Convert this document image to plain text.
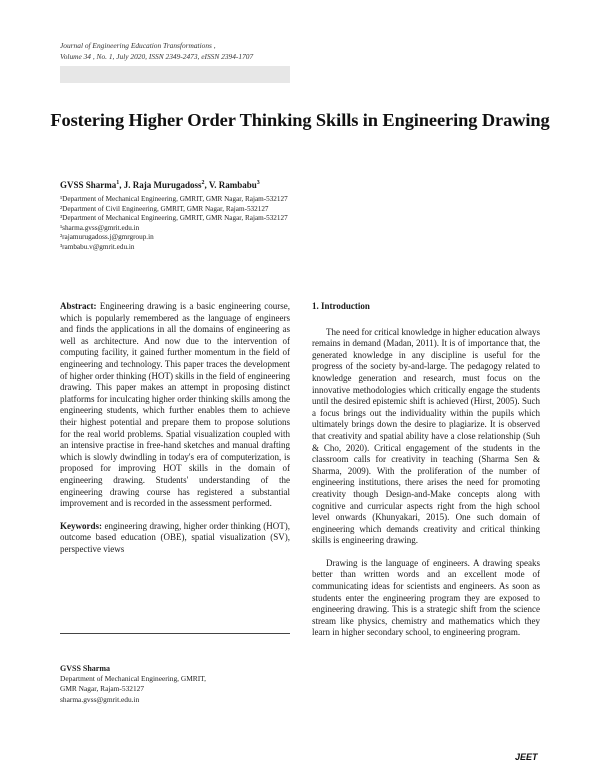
Journal of Engineering Education Transformations ,
Volume 34 , No. 1, July 2020, ISSN 2349-2473, eISSN 2394-1707
Fostering Higher Order Thinking Skills in Engineering Drawing
GVSS Sharma$^1$, J. Raja Murugadoss$^2$, V. Rambabu$^3$
¹Department of Mechanical Engineering, GMRIT, GMR Nagar, Rajam-532127
²Department of Civil Engineering, GMRIT, GMR Nagar, Rajam-532127
³Department of Mechanical Engineering, GMRIT, GMR Nagar, Rajam-532127
¹sharma.gvss@gmrit.edu.in
²rajamurugadoss.j@gmrgroup.in
³rambabu.v@gmrit.edu.in

Abstract: Engineering drawing is a basic engineering course, which is popularly remembered as the language of engineers and finds the applications in all the domains of engineering as well as architecture. And now due to the intervention of computing facility, it gained further momentum in the field of engineering and technology. This paper traces the development of higher order thinking (HOT) skills in the field of engineering drawing. This paper makes an attempt in proposing distinct platforms for inculcating higher order thinking skills among the engineering students, which further enables them to achieve their highest potential and prepare them to propose solutions for the real world problems. Spatial visualization coupled with an intensive practise in free-hand sketches and manual drafting which is slowly dwindling in today's era of computerization, is proposed for improving HOT skills in the domain of engineering drawing. Students' understanding of the engineering drawing course has registered a substantial improvement and is recorded in the assessment performed.

Keywords: engineering drawing, higher order thinking (HOT), outcome based education (OBE), spatial visualization (SV), perspective views

GVSS Sharma
Department of Mechanical Engineering, GMRIT,
GMR Nagar, Rajam-532127
sharma.gvss@gmrit.edu.in

1. Introduction

The need for critical knowledge in higher education always remains in demand (Madan, 2011). It is of importance that, the generated knowledge in any discipline is useful for the progress of the society by-and-large. The pedagogy related to knowledge generation and research, must focus on the innovative methodologies which critically engage the students until the desired epistemic shift is achieved (Hirst, 2005). Such a focus brings out the individuality within the pupils which ultimately brings down the desire to plagiarize. It is observed that creativity and spatial ability have a close relationship (Suh & Cho, 2020). Critical engagement of the students in the classroom calls for creativity in teaching (Sharma Sen & Sharma, 2009). With the proliferation of the number of engineering institutions, there arises the need for promoting creativity though Design-and-Make concepts along with cognitive and curricular aspects right from the high school level onwards (Khunyakari, 2015). One such domain of engineering which demands creativity and critical thinking skills is engineering drawing.

Drawing is the language of engineers. A drawing speaks better than written words and an excellent mode of communicating ideas for scientists and engineers. As soon as students enter the engineering program they are exposed to engineering drawing. This is a strategic shift from the science stream like physics, chemistry and mathematics which they learn in higher secondary school, to engineering program.

JEET
